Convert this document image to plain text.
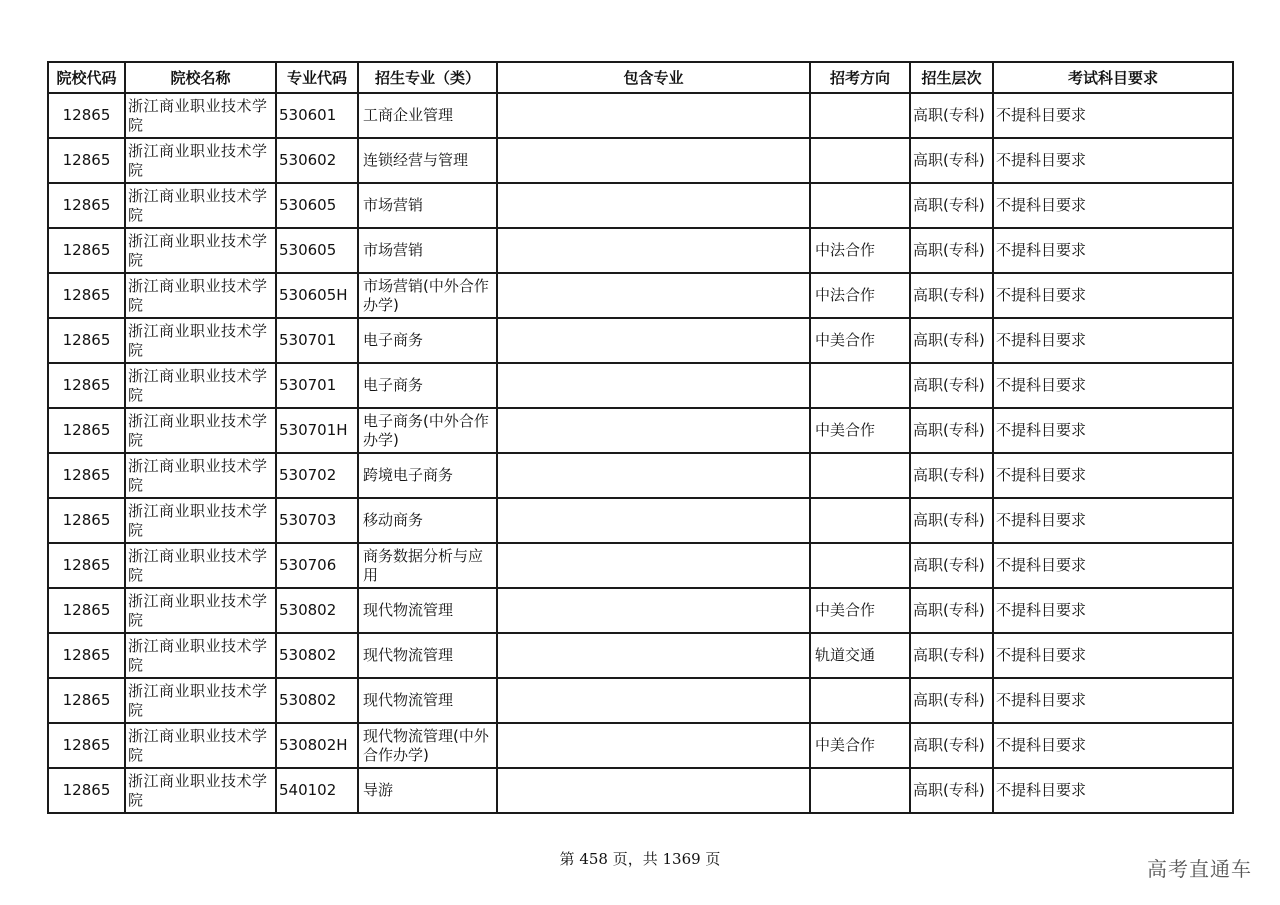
院校代码	院校名称	专业代码	招生专业（类）	包含专业	招考方向	招生层次	考试科目要求
12865	浙江商业职业技术学院	530601	工商企业管理			高职(专科)	不提科目要求
12865	浙江商业职业技术学院	530602	连锁经营与管理			高职(专科)	不提科目要求
12865	浙江商业职业技术学院	530605	市场营销			高职(专科)	不提科目要求
12865	浙江商业职业技术学院	530605	市场营销		中法合作	高职(专科)	不提科目要求
12865	浙江商业职业技术学院	530605H	市场营销(中外合作办学)		中法合作	高职(专科)	不提科目要求
12865	浙江商业职业技术学院	530701	电子商务		中美合作	高职(专科)	不提科目要求
12865	浙江商业职业技术学院	530701	电子商务			高职(专科)	不提科目要求
12865	浙江商业职业技术学院	530701H	电子商务(中外合作办学)		中美合作	高职(专科)	不提科目要求
12865	浙江商业职业技术学院	530702	跨境电子商务			高职(专科)	不提科目要求
12865	浙江商业职业技术学院	530703	移动商务			高职(专科)	不提科目要求
12865	浙江商业职业技术学院	530706	商务数据分析与应用			高职(专科)	不提科目要求
12865	浙江商业职业技术学院	530802	现代物流管理		中美合作	高职(专科)	不提科目要求
12865	浙江商业职业技术学院	530802	现代物流管理		轨道交通	高职(专科)	不提科目要求
12865	浙江商业职业技术学院	530802	现代物流管理			高职(专科)	不提科目要求
12865	浙江商业职业技术学院	530802H	现代物流管理(中外合作办学)		中美合作	高职(专科)	不提科目要求
12865	浙江商业职业技术学院	540102	导游			高职(专科)	不提科目要求
第 458 页，共 1369 页	高考直通车
